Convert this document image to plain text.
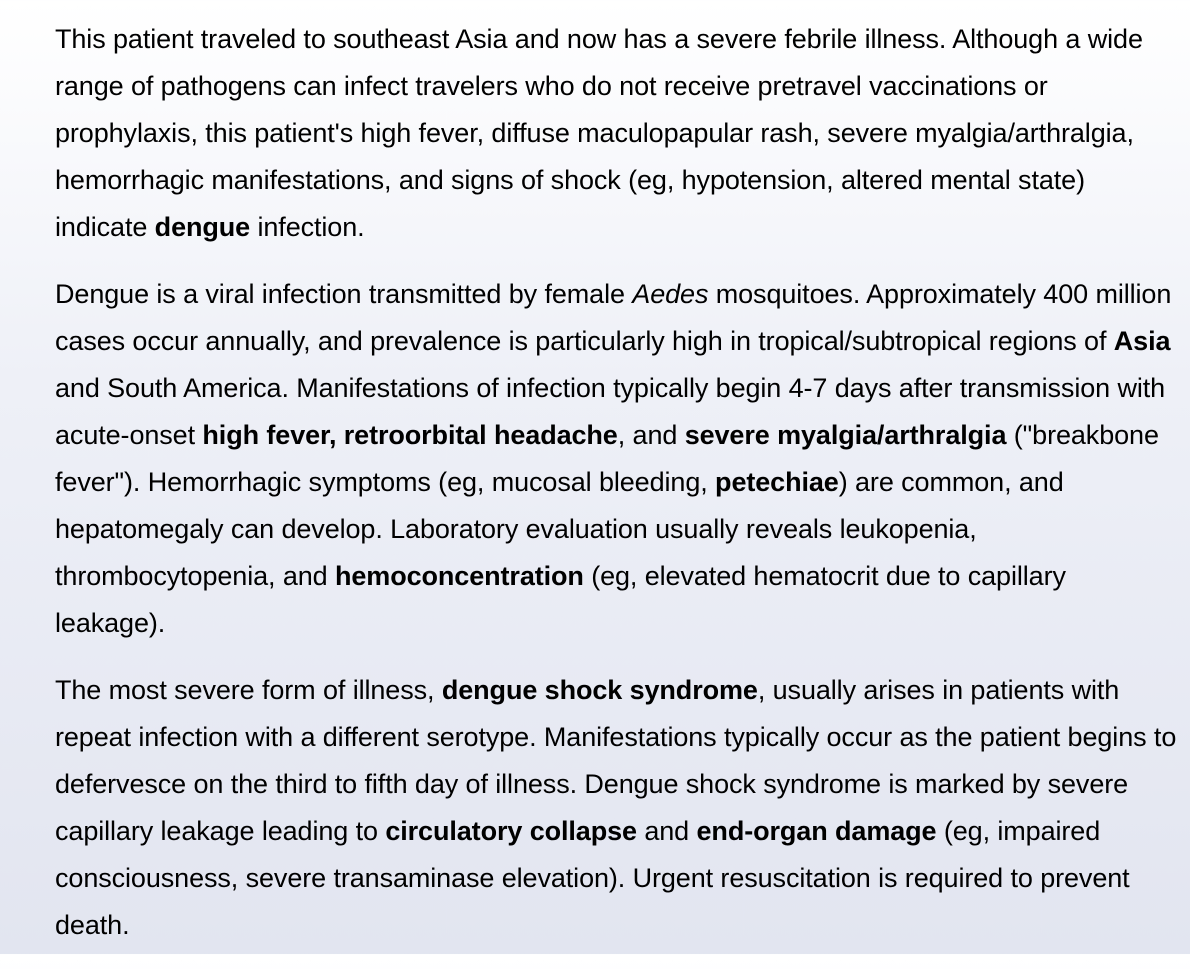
This patient traveled to southeast Asia and now has a severe febrile illness. Although a wide range of pathogens can infect travelers who do not receive pretravel vaccinations or prophylaxis, this patient's high fever, diffuse maculopapular rash, severe myalgia/arthralgia, hemorrhagic manifestations, and signs of shock (eg, hypotension, altered mental state) indicate dengue infection.

Dengue is a viral infection transmitted by female Aedes mosquitoes. Approximately 400 million cases occur annually, and prevalence is particularly high in tropical/subtropical regions of Asia and South America. Manifestations of infection typically begin 4-7 days after transmission with acute-onset high fever, retroorbital headache, and severe myalgia/arthralgia ("breakbone fever"). Hemorrhagic symptoms (eg, mucosal bleeding, petechiae) are common, and hepatomegaly can develop. Laboratory evaluation usually reveals leukopenia, thrombocytopenia, and hemoconcentration (eg, elevated hematocrit due to capillary leakage).

The most severe form of illness, dengue shock syndrome, usually arises in patients with repeat infection with a different serotype. Manifestations typically occur as the patient begins to defervesce on the third to fifth day of illness. Dengue shock syndrome is marked by severe capillary leakage leading to circulatory collapse and end-organ damage (eg, impaired consciousness, severe transaminase elevation). Urgent resuscitation is required to prevent death.
